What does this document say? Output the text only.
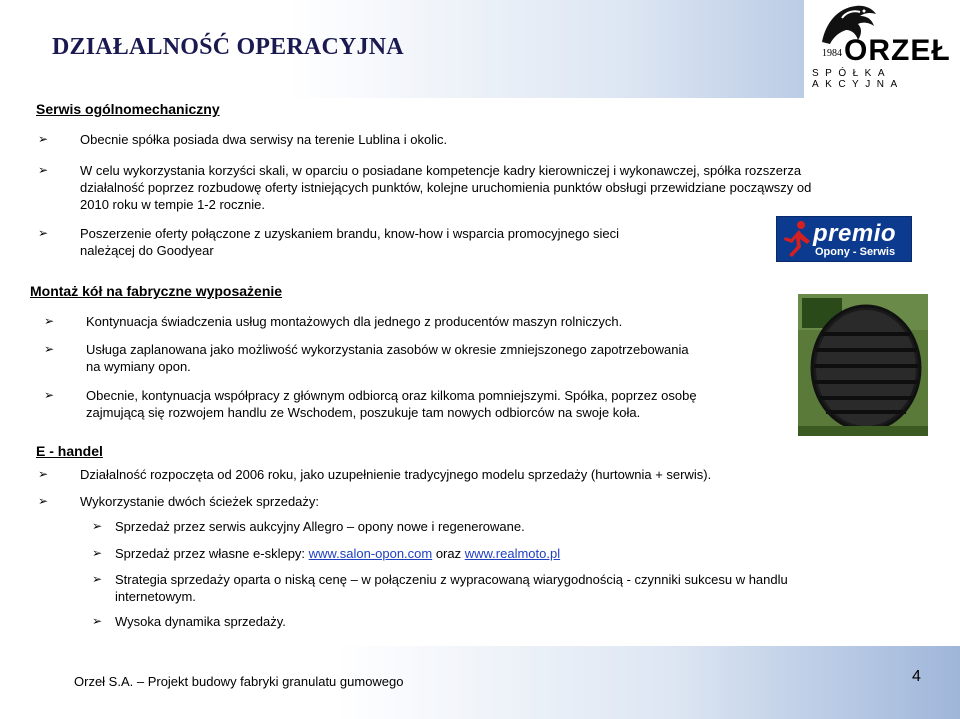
DZIAŁALNOŚĆ OPERACYJNA	1984 ORZEŁ
SPÓŁKA AKCYJNA
Serwis ogólnomechaniczny
➢ Obecnie spółka posiada dwa serwisy na terenie Lublina i okolic.
➢ W celu wykorzystania korzyści skali, w oparciu o posiadane kompetencje kadry kierowniczej i wykonawczej, spółka rozszerza
działalność poprzez rozbudowę oferty istniejących punktów, kolejne uruchomienia punktów obsługi przewidziane począwszy od
2010 roku w tempie 1-2 rocznie.
➢ Poszerzenie oferty połączone z uzyskaniem brandu, know-how i wsparcia promocyjnego sieci
należącej do Goodyear
premio
Opony - Serwis
Montaż kół na fabryczne wyposażenie
➢ Kontynuacja świadczenia usług montażowych dla jednego z producentów maszyn rolniczych.
➢ Usługa zaplanowana jako możliwość wykorzystania zasobów w okresie zmniejszonego zapotrzebowania
na wymiany opon.
➢ Obecnie, kontynuacja współpracy z głównym odbiorcą oraz kilkoma pomniejszymi. Spółka, poprzez osobę
zajmującą się rozwojem handlu ze Wschodem, poszukuje tam nowych odbiorców na swoje koła.
E - handel
➢ Działalność rozpoczęta od 2006 roku, jako uzupełnienie tradycyjnego modelu sprzedaży (hurtownia + serwis).
➢ Wykorzystanie dwóch ścieżek sprzedaży:
➢ Sprzedaż przez serwis aukcyjny Allegro – opony nowe i regenerowane.
➢ Sprzedaż przez własne e-sklepy: www.salon-opon.com oraz www.realmoto.pl
➢ Strategia sprzedaży oparta o niską cenę – w połączeniu z wypracowaną wiarygodnością - czynniki sukcesu w handlu
internetowym.
➢ Wysoka dynamika sprzedaży.
Orzeł S.A. – Projekt budowy fabryki granulatu gumowego	4
